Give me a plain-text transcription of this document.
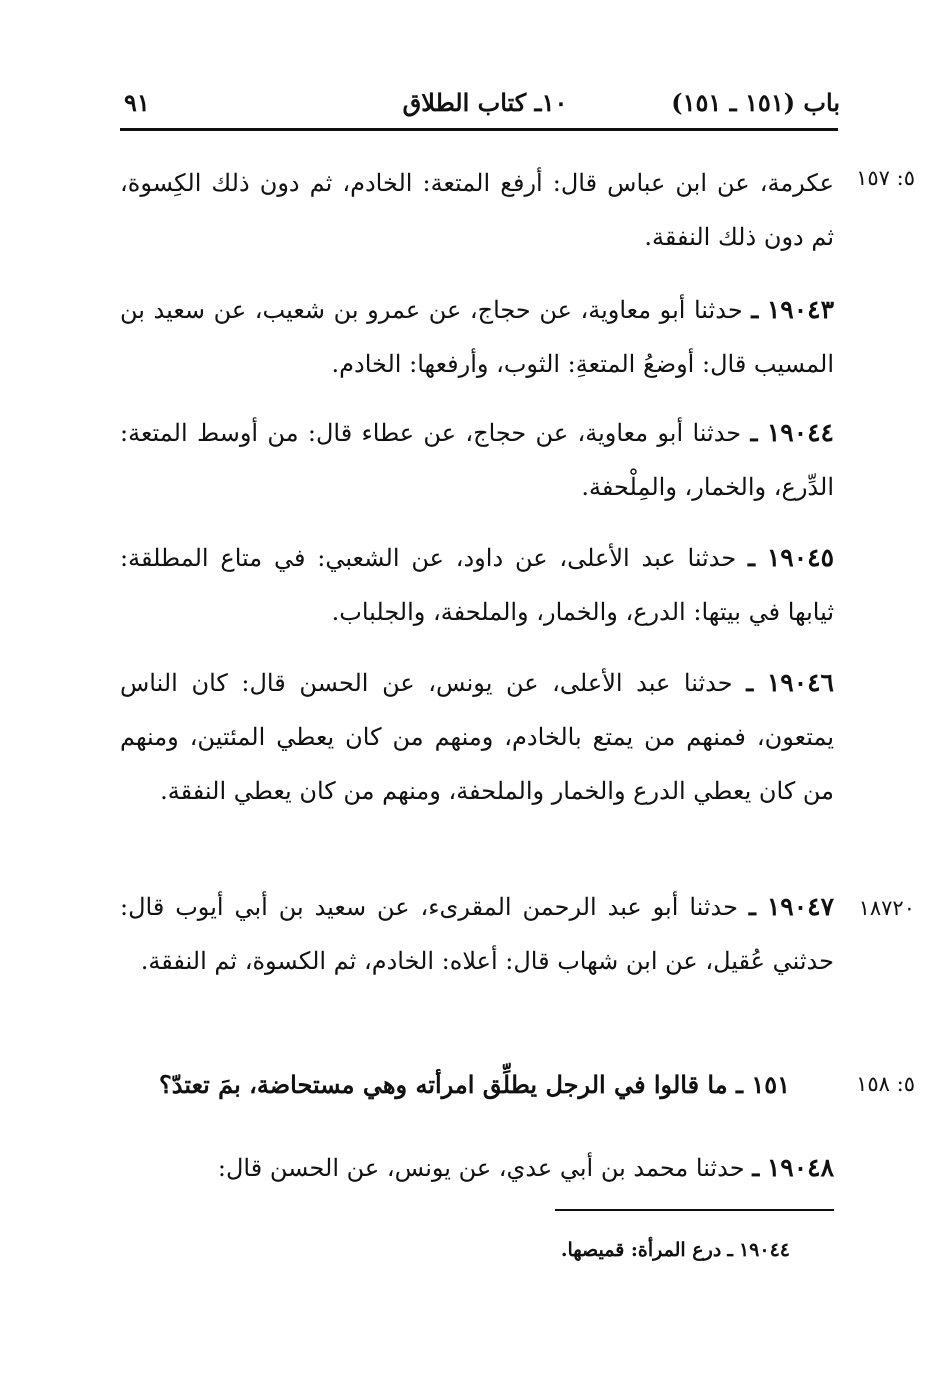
باب (١٥١ ـ ١٥١)
١٠ـ كتاب الطلاق
٩١
٥: ١٥٧
عكرمة، عن ابن عباس قال: أرفع المتعة: الخادم، ثم دون ذلك الكِسوة، ثم دون ذلك النفقة.
١٩٠٤٣ ـ حدثنا أبو معاوية، عن حجاج، عن عمرو بن شعيب، عن سعيد بن المسيب قال: أوضعُ المتعةِ: الثوب، وأرفعها: الخادم.
١٩٠٤٤ ـ حدثنا أبو معاوية، عن حجاج، عن عطاء قال: من أوسط المتعة: الدِّرع، والخمار، والمِلْحفة.
١٩٠٤٥ ـ حدثنا عبد الأعلى، عن داود، عن الشعبي: في متاع المطلقة: ثيابها في بيتها: الدرع، والخمار، والملحفة، والجلباب.
١٩٠٤٦ ـ حدثنا عبد الأعلى، عن يونس، عن الحسن قال: كان الناس يمتعون، فمنهم من يمتع بالخادم، ومنهم من كان يعطي المئتين، ومنهم من كان يعطي الدرع والخمار والملحفة، ومنهم من كان يعطي النفقة.
١٨٧٢٠
١٩٠٤٧ ـ حدثنا أبو عبد الرحمن المقرىء، عن سعيد بن أبي أيوب قال: حدثني عُقيل، عن ابن شهاب قال: أعلاه: الخادم، ثم الكسوة، ثم النفقة.
٥: ١٥٨
١٥١ ـ ما قالوا في الرجل يطلِّق امرأته وهي مستحاضة، بمَ تعتدّ؟
١٩٠٤٨ ـ حدثنا محمد بن أبي عدي، عن يونس، عن الحسن قال:
١٩٠٤٤ ـ درع المرأة: قميصها.
